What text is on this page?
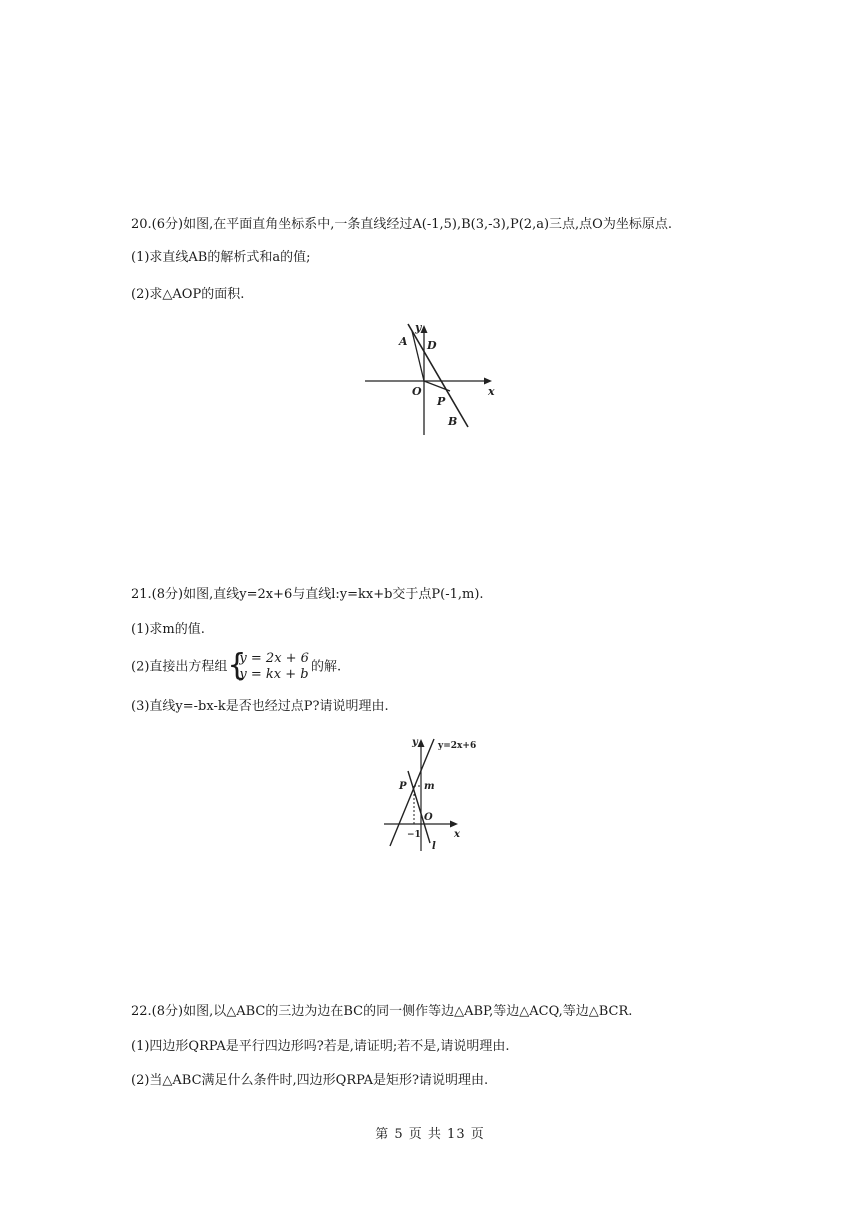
20.(6分)如图,在平面直角坐标系中,一条直线经过A(-1,5),B(3,-3),P(2,a)三点,点O为坐标原点.
(1)求直线AB的解析式和a的值;
(2)求△AOP的面积.
y
A D
O
P
B
x
21.(8分)如图,直线y=2x+6与直线l:y=kx+b交于点P(-1,m).
(1)求m的值.
(2)直接出方程组 {
y = 2x + 6
y = kx + b 的解.
(3)直线y=-bx-k是否也经过点P?请说明理由.
y y=2x+6
P m
O
x
−1
l
22.(8分)如图,以△ABC的三边为边在BC的同一侧作等边△ABP,等边△ACQ,等边△BCR.
(1)四边形QRPA是平行四边形吗?若是,请证明;若不是,请说明理由.
(2)当△ABC满足什么条件时,四边形QRPA是矩形?请说明理由.
第 5 页 共 13 页
